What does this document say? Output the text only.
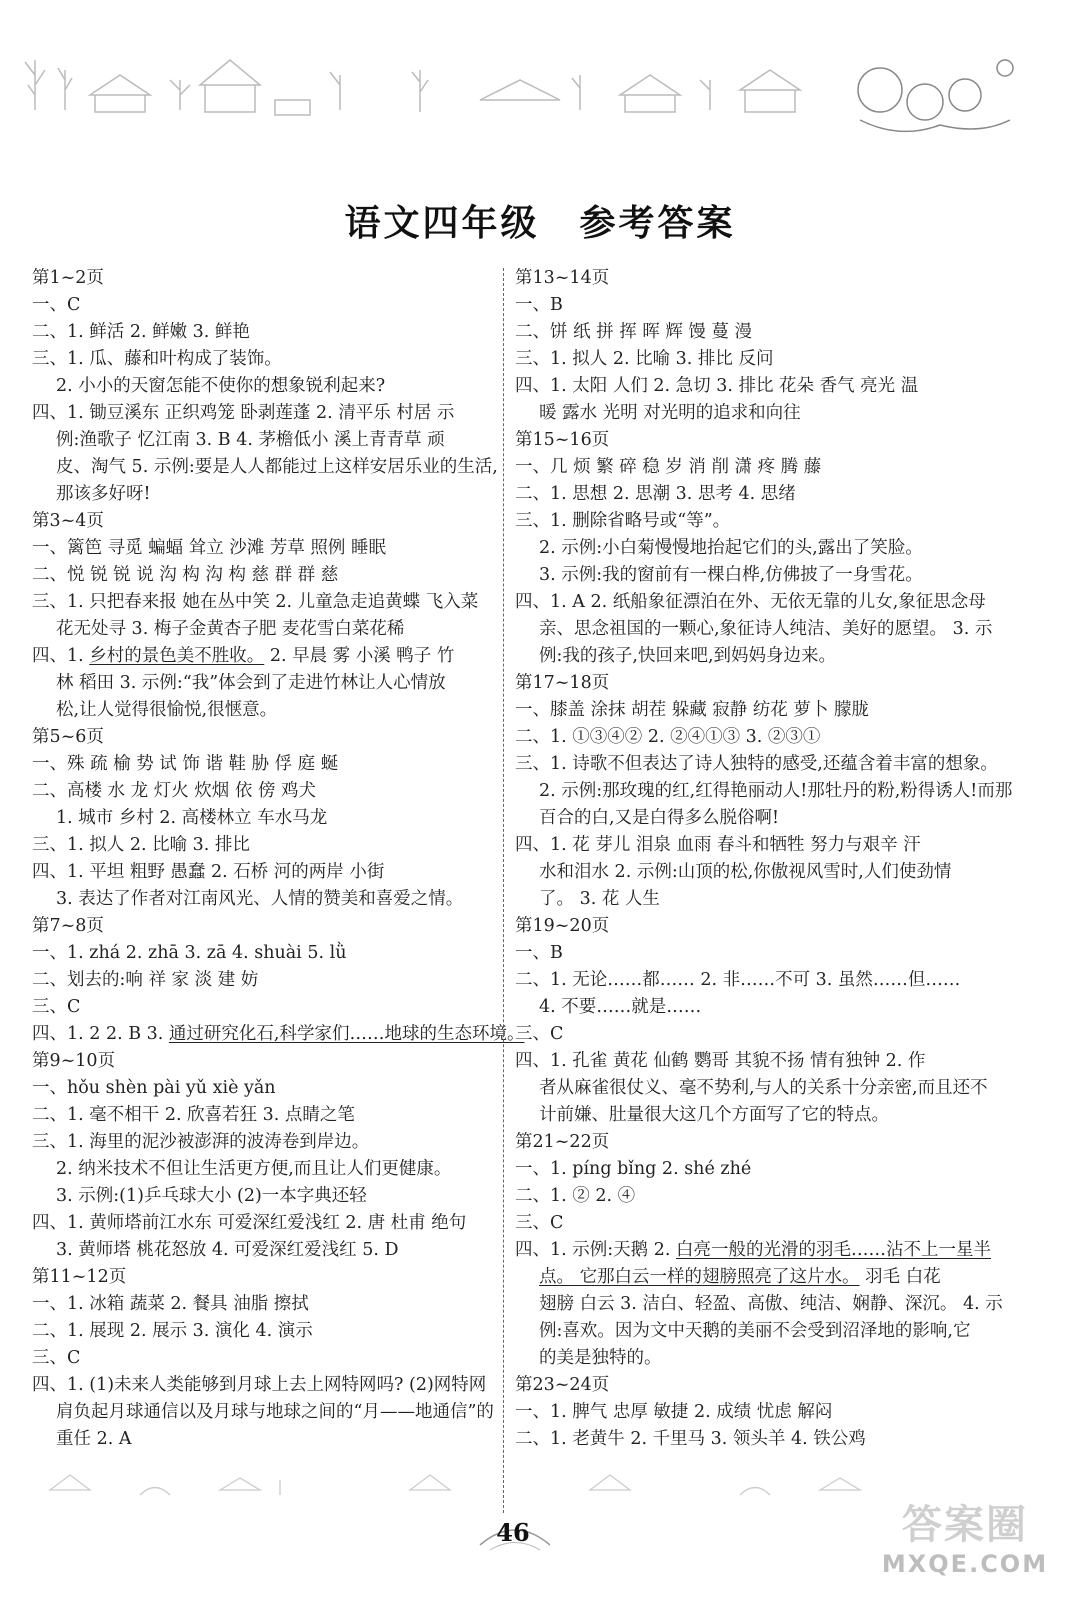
语文四年级 参考答案
第1~2页
一、C
二、1. 鲜活 2. 鲜嫩 3. 鲜艳
三、1. 瓜、藤和叶构成了装饰。
2. 小小的天窗怎能不使你的想象锐利起来?
四、1. 锄豆溪东 正织鸡笼 卧剥莲蓬 2. 清平乐 村居 示
例:渔歌子 忆江南 3. B 4. 茅檐低小 溪上青青草 顽
皮、淘气 5. 示例:要是人人都能过上这样安居乐业的生活,
那该多好呀!
第3~4页
一、篱笆 寻觅 蝙蝠 耸立 沙滩 芳草 照例 睡眠
二、悦 锐 锐 说 沟 构 沟 构 慈 群 群 慈
三、1. 只把春来报 她在丛中笑 2. 儿童急走追黄蝶 飞入菜
花无处寻 3. 梅子金黄杏子肥 麦花雪白菜花稀
四、1. 乡村的景色美不胜收。 2. 早晨 雾 小溪 鸭子 竹
林 稻田 3. 示例:“我”体会到了走进竹林让人心情放
松,让人觉得很愉悦,很惬意。
第5~6页
一、殊 疏 榆 势 试 饰 谐 鞋 胁 俘 庭 蜒
二、高楼 水 龙 灯火 炊烟 依 傍 鸡犬
1. 城市 乡村 2. 高楼林立 车水马龙
三、1. 拟人 2. 比喻 3. 排比
四、1. 平坦 粗野 愚蠢 2. 石桥 河的两岸 小街
3. 表达了作者对江南风光、人情的赞美和喜爱之情。
第7~8页
一、1. zhá 2. zhā 3. zā 4. shuài 5. lǜ
二、划去的:响 祥 家 淡 建 妨
三、C
四、1. 2 2. B 3. 通过研究化石,科学家们……地球的生态环境。
第9~10页
一、hǒu shèn pài yǔ xiè yǎn
二、1. 毫不相干 2. 欣喜若狂 3. 点睛之笔
三、1. 海里的泥沙被澎湃的波涛卷到岸边。
2. 纳米技术不但让生活更方便,而且让人们更健康。
3. 示例:(1)乒乓球大小 (2)一本字典还轻
四、1. 黄师塔前江水东 可爱深红爱浅红 2. 唐 杜甫 绝句
3. 黄师塔 桃花怒放 4. 可爱深红爱浅红 5. D
第11~12页
一、1. 冰箱 蔬菜 2. 餐具 油脂 擦拭
二、1. 展现 2. 展示 3. 演化 4. 演示
三、C
四、1. (1)未来人类能够到月球上去上网特网吗? (2)网特网
肩负起月球通信以及月球与地球之间的“月——地通信”的
重任 2. A
第13~14页
一、B
二、饼 纸 拼 挥 晖 辉 馒 蔓 漫
三、1. 拟人 2. 比喻 3. 排比 反问
四、1. 太阳 人们 2. 急切 3. 排比 花朵 香气 亮光 温
暖 露水 光明 对光明的追求和向往
第15~16页
一、几 烦 繁 碎 稳 岁 消 削 潇 疼 腾 藤
二、1. 思想 2. 思潮 3. 思考 4. 思绪
三、1. 删除省略号或“等”。
2. 示例:小白菊慢慢地抬起它们的头,露出了笑脸。
3. 示例:我的窗前有一棵白桦,仿佛披了一身雪花。
四、1. A 2. 纸船象征漂泊在外、无依无靠的儿女,象征思念母
亲、思念祖国的一颗心,象征诗人纯洁、美好的愿望。 3. 示
例:我的孩子,快回来吧,到妈妈身边来。
第17~18页
一、膝盖 涂抹 胡茬 躲藏 寂静 纺花 萝卜 朦胧
二、1. ①③④② 2. ②④①③ 3. ②③①
三、1. 诗歌不但表达了诗人独特的感受,还蕴含着丰富的想象。
2. 示例:那玫瑰的红,红得艳丽动人!那牡丹的粉,粉得诱人!而那
百合的白,又是白得多么脱俗啊!
四、1. 花 芽儿 泪泉 血雨 春斗和牺牲 努力与艰辛 汗
水和泪水 2. 示例:山顶的松,你傲视风雪时,人们使劲情
了。 3. 花 人生
第19~20页
一、B
二、1. 无论……都…… 2. 非……不可 3. 虽然……但……
4. 不要……就是……
三、C
四、1. 孔雀 黄花 仙鹤 鹦哥 其貌不扬 情有独钟 2. 作
者从麻雀很仗义、毫不势利,与人的关系十分亲密,而且还不
计前嫌、肚量很大这几个方面写了它的特点。
第21~22页
一、1. píng bǐng 2. shé zhé
二、1. ② 2. ④
三、C
四、1. 示例:天鹅 2. 白亮一般的光滑的羽毛……沾不上一星半
点。 它那白云一样的翅膀照亮了这片水。 羽毛 白花
翅膀 白云 3. 洁白、轻盈、高傲、纯洁、娴静、深沉。 4. 示
例:喜欢。因为文中天鹅的美丽不会受到沼泽地的影响,它
的美是独特的。
第23~24页
一、1. 脾气 忠厚 敏捷 2. 成绩 忧虑 解闷
二、1. 老黄牛 2. 千里马 3. 领头羊 4. 铁公鸡
46	答案圈
MXQE.COM
